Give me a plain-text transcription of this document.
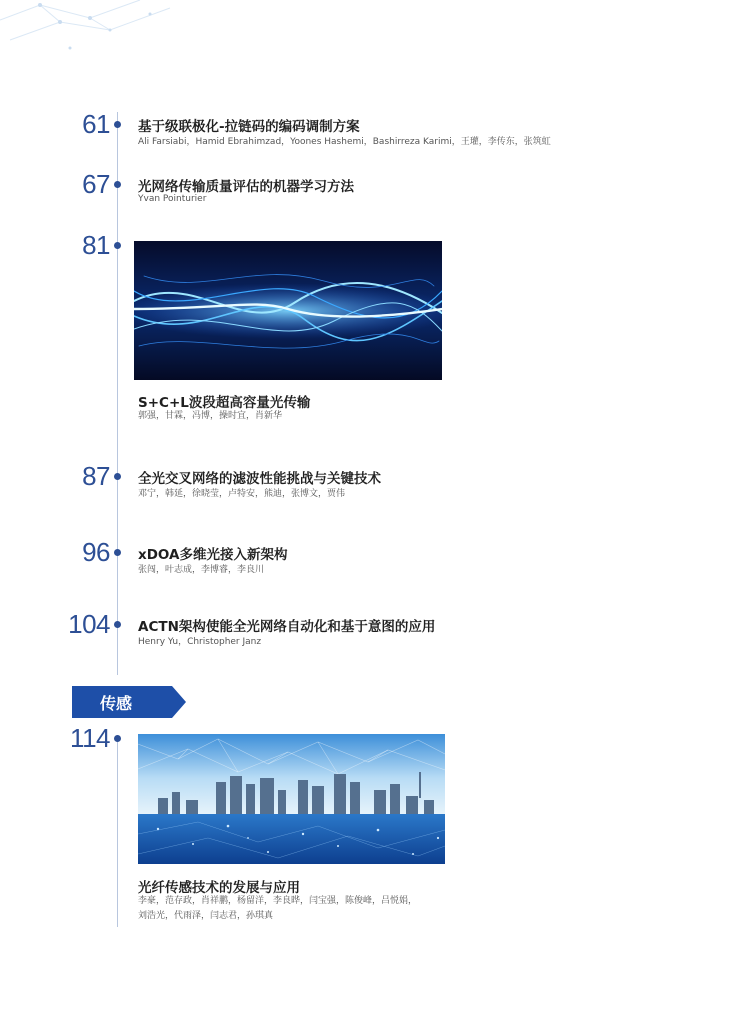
61 基于级联极化-拉链码的编码调制方案
Ali Farsiabi，Hamid Ebrahimzad，Yoones Hashemi，Bashirreza Karimi，王瓘，李传东，张筑虹
67 光网络传输质量评估的机器学习方法
Yvan Pointurier
81
S+C+L波段超高容量光传输
郭强，甘霖，冯博，操时宜，肖新华
87 全光交叉网络的滤波性能挑战与关键技术
邓宁，韩延，徐晓莹，卢特安，熊迪，张博文，贾伟
96 xDOA多维光接入新架构
张闯，叶志成，李博睿，李良川
104 ACTN架构使能全光网络自动化和基于意图的应用
Henry Yu，Christopher Janz
传感
114
光纤传感技术的发展与应用
李豪，范存政，肖祥鹏，杨留洋，李良晔，闫宝强，陈俊峰，吕悦娟，
刘浩光，代雨泽，闫志君，孙琪真
